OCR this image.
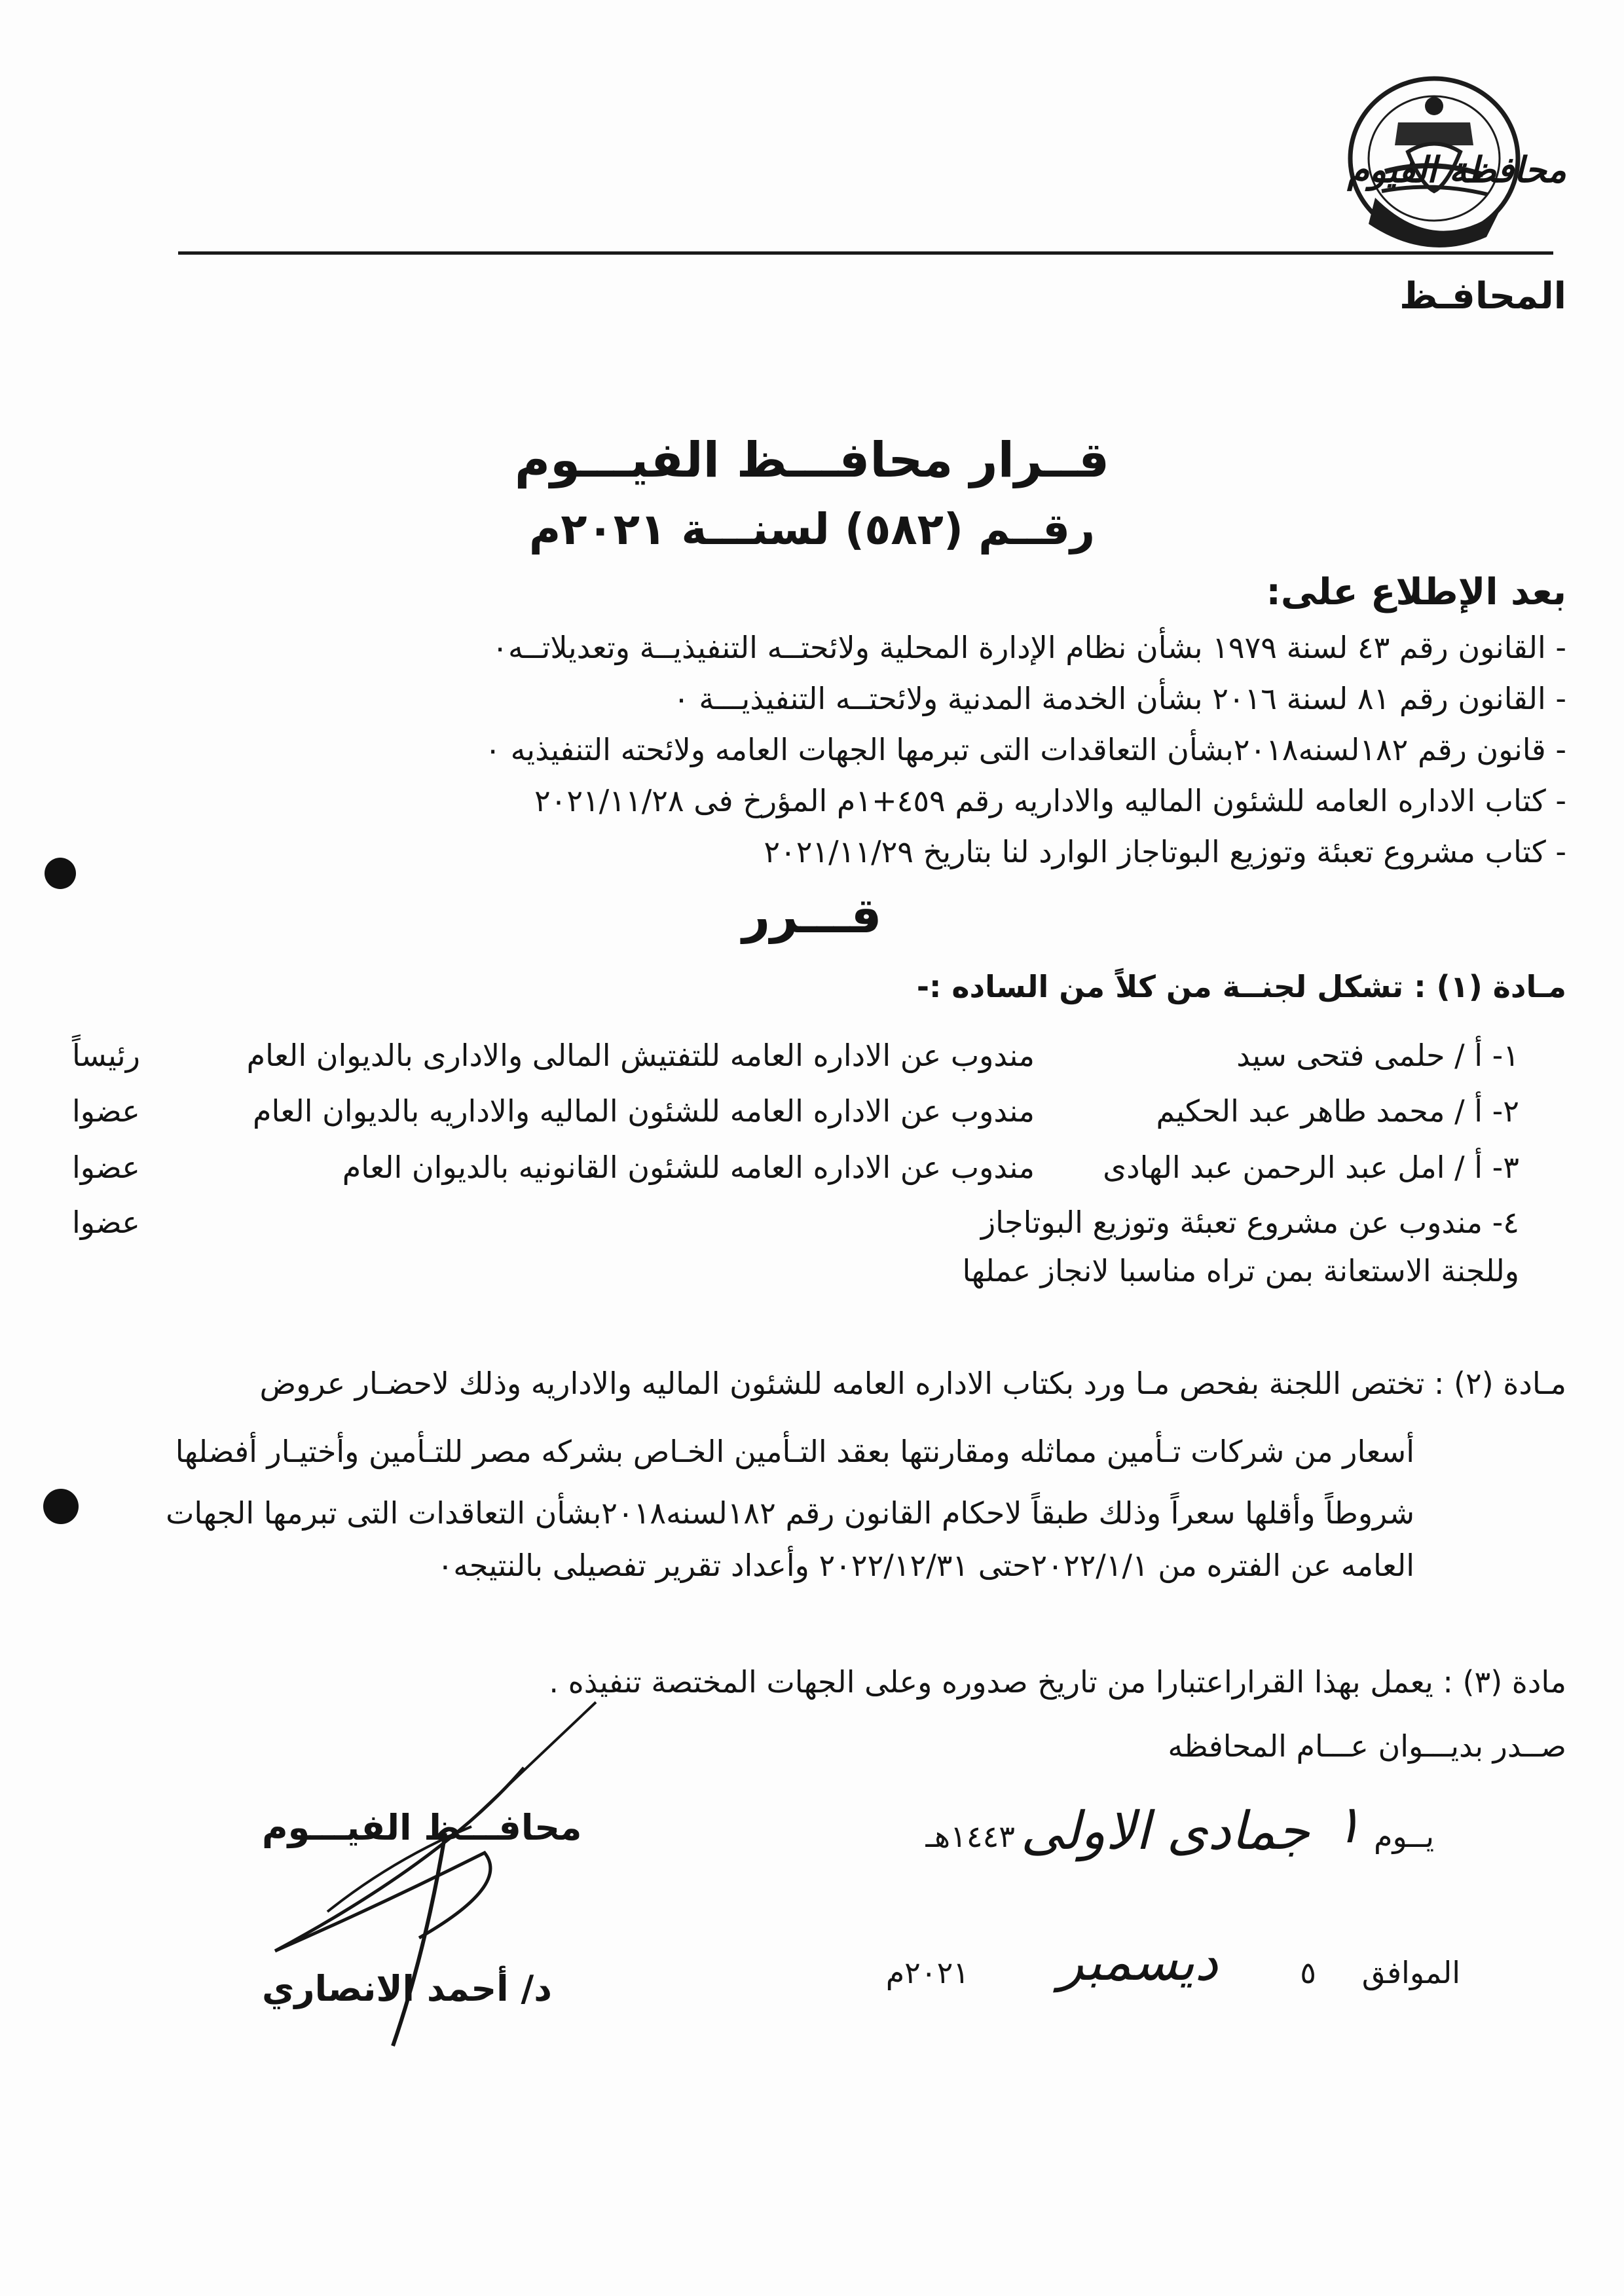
محافظة الفيوم
المحافـظ
قــرار محافـــظ الفيـــوم
رقــم (٥٨٢) لسنـــة ٢٠٢١م
بعد الإطلاع على:
- القانون رقم ٤٣ لسنة ١٩٧٩ بشأن نظام الإدارة المحلية ولائحتــه التنفيذيــة وتعديلاتــه٠
- القانون رقم ٨١ لسنة ٢٠١٦ بشأن الخدمة المدنية ولائحتــه التنفيذيـــة ٠
- قانون رقم ١٨٢لسنه٢٠١٨بشأن التعاقدات التى تبرمها الجهات العامه ولائحته التنفيذيه ٠
- كتاب الاداره العامه للشئون الماليه والاداريه رقم ٤٥٩+١م المؤرخ فى ٢٠٢١/١١/٢٨
- كتاب مشروع تعبئة وتوزيع البوتاجاز الوارد لنا بتاريخ ٢٠٢١/١١/٢٩
قـــرر
مـادة (١) : تشكل لجنــة من كلاً من الساده :-
١- أ / حلمى فتحى سيد
مندوب عن الاداره العامه للتفتيش المالى والادارى بالديوان العام
رئيساً
٢- أ / محمد طاهر عبد الحكيم
مندوب عن الاداره العامه للشئون الماليه والاداريه بالديوان العام
عضوا
٣- أ / امل عبد الرحمن عبد الهادى
مندوب عن الاداره العامه للشئون القانونيه بالديوان العام
عضوا
٤- مندوب عن مشروع تعبئة وتوزيع البوتاجاز
عضوا
وللجنة الاستعانة بمن تراه مناسبا لانجاز عملها
مـادة (٢) : تختص اللجنة بفحص مـا ورد بكتاب الاداره العامه للشئون الماليه والاداريه وذلك لاحضـار عروض
أسعار من شركات تـأمين مماثله ومقارنتها بعقد التـأمين الخـاص بشركه مصر للتـأمين وأختيـار أفضلها
شروطاً وأقلها سعراً وذلك طبقاً لاحكام القانون رقم ١٨٢لسنه٢٠١٨بشأن التعاقدات التى تبرمها الجهات
العامه عن الفتره من ٢٠٢٢/١/١حتى ٢٠٢٢/١٢/٣١ وأعداد تقرير تفصيلى بالنتيجه٠
مادة (٣) : يعمل بهذا القراراعتبارا من تاريخ صدوره وعلى الجهات المختصة تنفيذه .
صــدر بديـــوان عـــام المحافظه
يــوم
١
جمادى الاولى
١٤٤٣هـ
الموافق
٥
ديسمبر
٢٠٢١م
محافـــظ الفيـــوم
د/ أحمد الانصاري
